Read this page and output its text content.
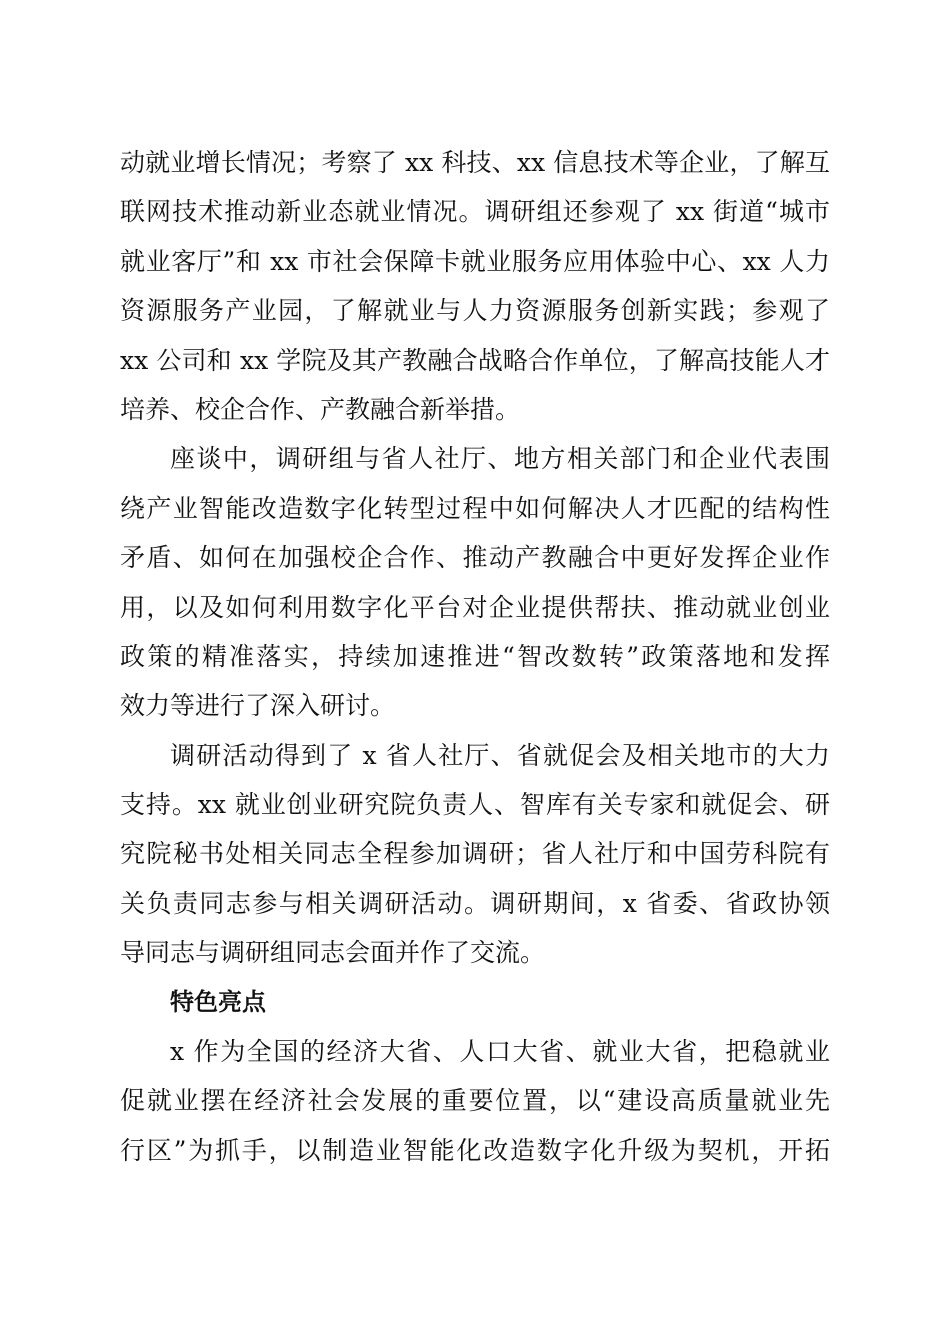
动就业增长情况；考察了 xx 科技、xx 信息技术等企业，了解互
联网技术推动新业态就业情况。调研组还参观了 xx 街道“城市
就业客厅”和 xx 市社会保障卡就业服务应用体验中心、xx 人力
资源服务产业园，了解就业与人力资源服务创新实践；参观了
xx 公司和 xx 学院及其产教融合战略合作单位，了解高技能人才
培养、校企合作、产教融合新举措。
座谈中，调研组与省人社厅、地方相关部门和企业代表围
绕产业智能改造数字化转型过程中如何解决人才匹配的结构性
矛盾、如何在加强校企合作、推动产教融合中更好发挥企业作
用，以及如何利用数字化平台对企业提供帮扶、推动就业创业
政策的精准落实，持续加速推进“智改数转”政策落地和发挥
效力等进行了深入研讨。
调研活动得到了 x 省人社厅、省就促会及相关地市的大力
支持。xx 就业创业研究院负责人、智库有关专家和就促会、研
究院秘书处相关同志全程参加调研；省人社厅和中国劳科院有
关负责同志参与相关调研活动。调研期间，x 省委、省政协领
导同志与调研组同志会面并作了交流。
特色亮点
x 作为全国的经济大省、人口大省、就业大省，把稳就业
促就业摆在经济社会发展的重要位置，以“建设高质量就业先
行区”为抓手，以制造业智能化改造数字化升级为契机，开拓
